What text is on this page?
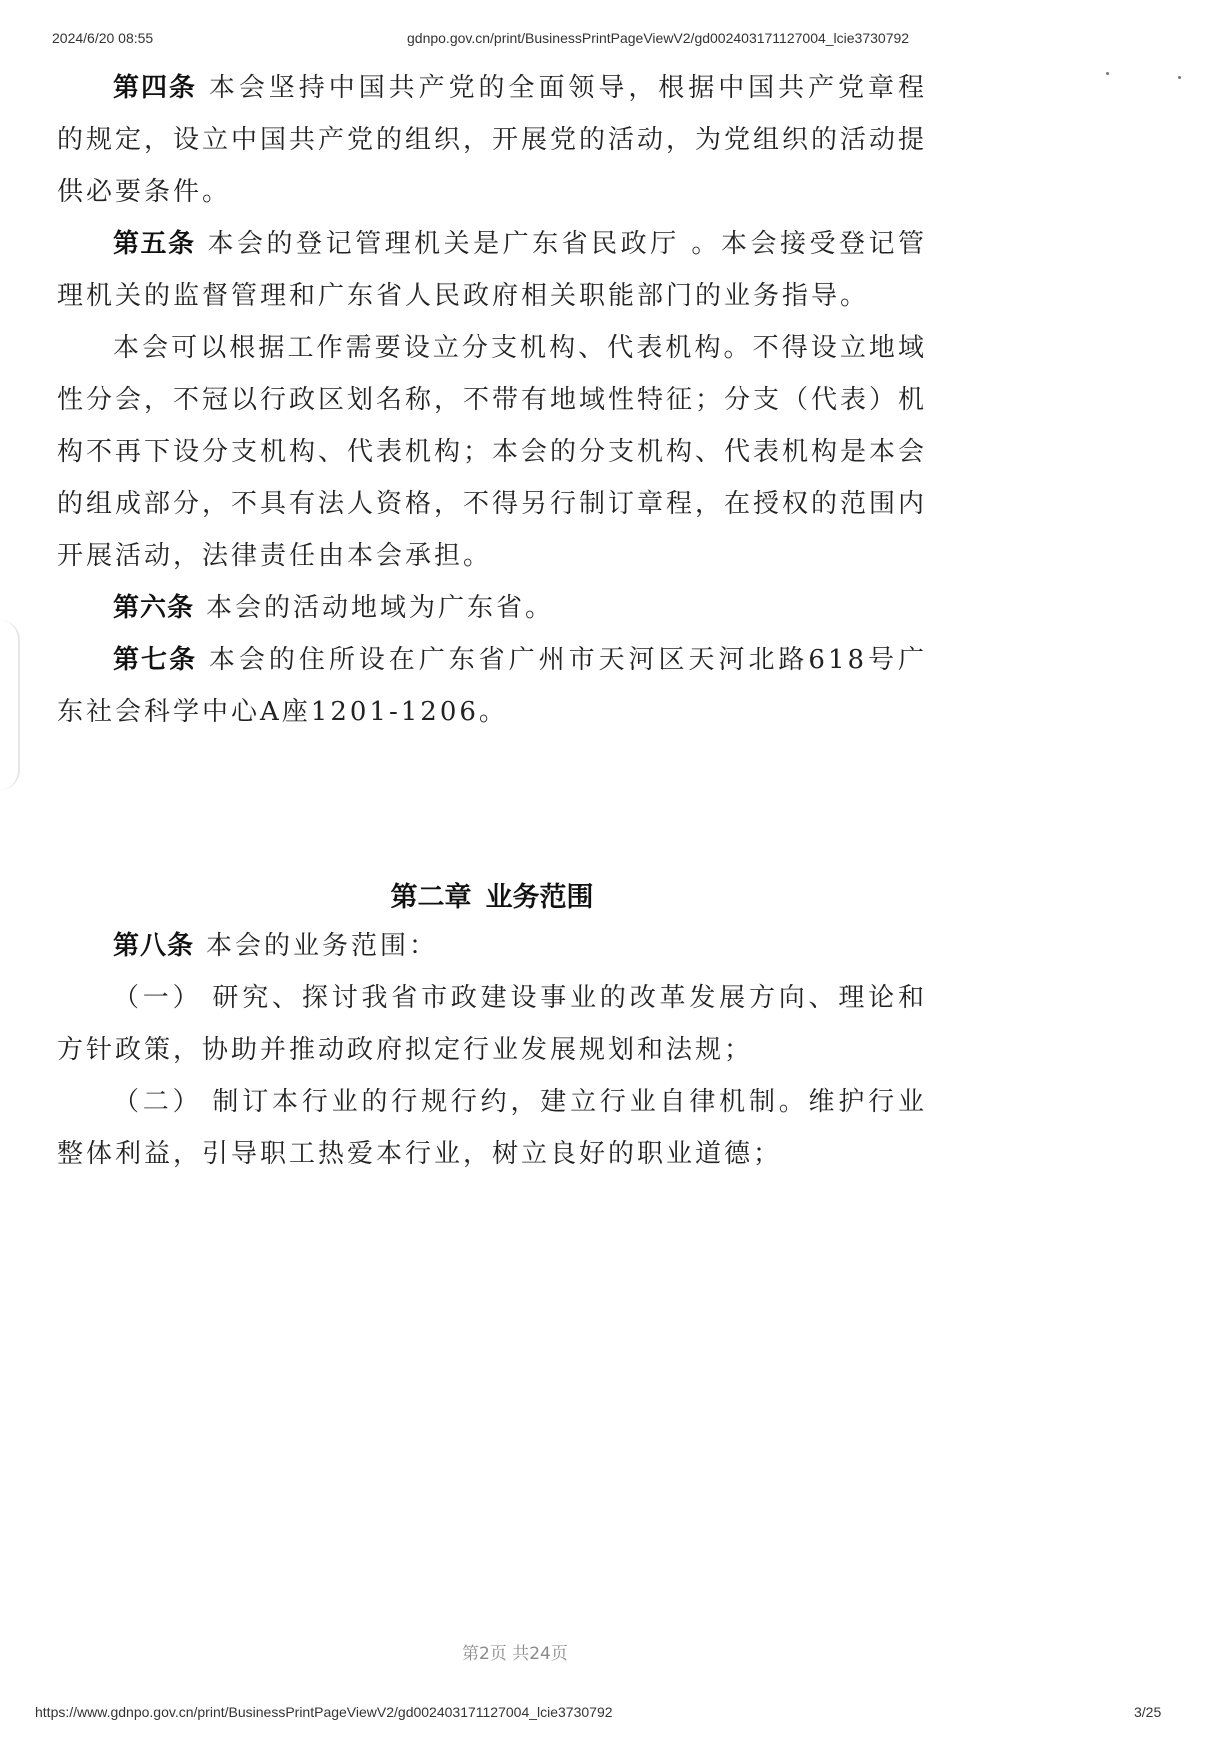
2024/6/20 08:55	gdnpo.gov.cn/print/BusinessPrintPageViewV2/gd002403171127004_lcie3730792

第四条 本会坚持中国共产党的全面领导，根据中国共产党章程的规定，设立中国共产党的组织，开展党的活动，为党组织的活动提供必要条件。

第五条 本会的登记管理机关是广东省民政厅 。本会接受登记管理机关的监督管理和广东省人民政府相关职能部门的业务指导。

本会可以根据工作需要设立分支机构、代表机构。不得设立地域性分会，不冠以行政区划名称，不带有地域性特征；分支（代表）机构不再下设分支机构、代表机构；本会的分支机构、代表机构是本会的组成部分，不具有法人资格，不得另行制订章程，在授权的范围内开展活动，法律责任由本会承担。

第六条 本会的活动地域为广东省。

第七条 本会的住所设在广东省广州市天河区天河北路618号广东社会科学中心A座1201-1206。

第二章 业务范围

第八条 本会的业务范围：

（一） 研究、探讨我省市政建设事业的改革发展方向、理论和方针政策，协助并推动政府拟定行业发展规划和法规；

（二） 制订本行业的行规行约，建立行业自律机制。维护行业整体利益，引导职工热爱本行业，树立良好的职业道德；

第2页 共24页
https://www.gdnpo.gov.cn/print/BusinessPrintPageViewV2/gd002403171127004_lcie3730792	3/25
